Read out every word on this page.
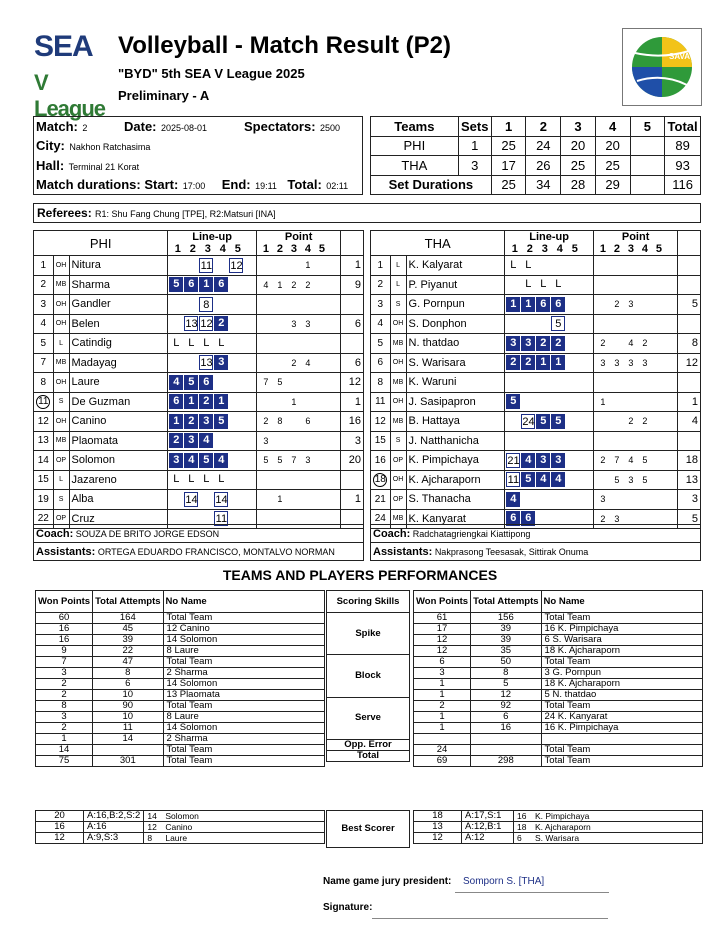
SEA
V League
Volleyball - Match Result (P2)
"BYD" 5th SEA V League 2025
Preliminary - A
SAVA
Match: 2	Date: 2025-08-01	Spectators: 2500
City: Nakhon Ratchasima
Hall: Terminal 21 Korat
Match durations: Start: 17:00 End: 19:11 Total: 02:11
Teams	Sets	1	2	3	4	5	Total
PHI	1	25	24	20	20		89
THA	3	17	26	25	25		93
Set Durations		25	34	28	29		116
Referees: R1: Shu Fang Chung [TPE], R2:Matsuri [INA]
PHI			Line-up	Point	
			1 2 3 4 5	1 2 3 4 5	
1	OH	Nitura	11 12	1	1
2	MB	Sharma	5 6 1 6	4 1 2 2	9
3	OH	Gandler	8		
4	OH	Belen	13 12 2	3 3	6
5	L	Catindig	L L L L		
7	MB	Madayag	13 3	2 4	6
8	OH	Laure	4 5 6	7 5	12
11	S	De Guzman	6 1 2 1	1	1
12	OH	Canino	1 2 3 5	2 8 6	16
13	MB	Plaomata	2 3 4	3	3
14	OP	Solomon	3 4 5 4	5 5 7 3	20
15	L	Jazareno	L L L L		
19	S	Alba	14 14	1	1
22	OP	Cruz	11		
THA			Line-up	Point	
			1 2 3 4 5	1 2 3 4 5	
1	L	K. Kalyarat	L L		
2	L	P. Piyanut	L L L		
3	S	G. Pornpun	1 1 6 6	2 3	5
4	OH	S. Donphon	5		
5	MB	N. thatdao	3 3 2 2	2 4 2	8
6	OH	S. Warisara	2 2 1 1	3 3 3 3	12
8	MB	K. Waruni			
11	OH	J. Sasipapron	5	1	1
12	MB	B. Hattaya	24 5 5	2 2	4
15	S	J. Natthanicha			
16	OP	K. Pimpichaya	21 4 3 3	2 7 4 5	18
18	OH	K. Ajcharaporn	11 5 4 4	5 3 5	13
21	OP	S. Thanacha	4	3	3
24	MB	K. Kanyarat	6 6	2 3	5
Coach: SOUZA DE BRITO JORGE EDSON
Assistants: ORTEGA EDUARDO FRANCISCO, MONTALVO NORMAN
Coach: Radchatagriengkai Kiattipong
Assistants: Nakprasong Teesasak, Sittirak Onuma
TEAMS AND PLAYERS PERFORMANCES
Won Points	Total Attempts	No Name
60	164	Total Team
16	45	12 Canino
16	39	14 Solomon
9	22	8 Laure
7	47	Total Team
3	8	2 Sharma
2	6	14 Solomon
2	10	13 Plaomata
8	90	Total Team
3	10	8 Laure
2	11	14 Solomon
1	14	2 Sharma
14		Total Team
75	301	Total Team
Scoring Skills
Spike
Block
Serve
Opp. Error
Total
Won Points	Total Attempts	No Name
61	156	Total Team
17	39	16 K. Pimpichaya
12	39	6 S. Warisara
12	35	18 K. Ajcharaporn
6	50	Total Team
3	8	3 G. Pornpun
1	5	18 K. Ajcharaporn
1	12	5 N. thatdao
2	92	Total Team
1	6	24 K. Kanyarat
1	16	16 K. Pimpichaya

24		Total Team
69	298	Total Team
20	A:16,B:2,S:2	14 Solomon
16	A:16	12 Canino
12	A:9,S:3	8 Laure
Best Scorer
18	A:17,S:1	16 K. Pimpichaya
13	A:12,B:1	18 K. Ajcharaporn
12	A:12	6 S. Warisara
Name game jury president: Somporn S. [THA]
Signature:
